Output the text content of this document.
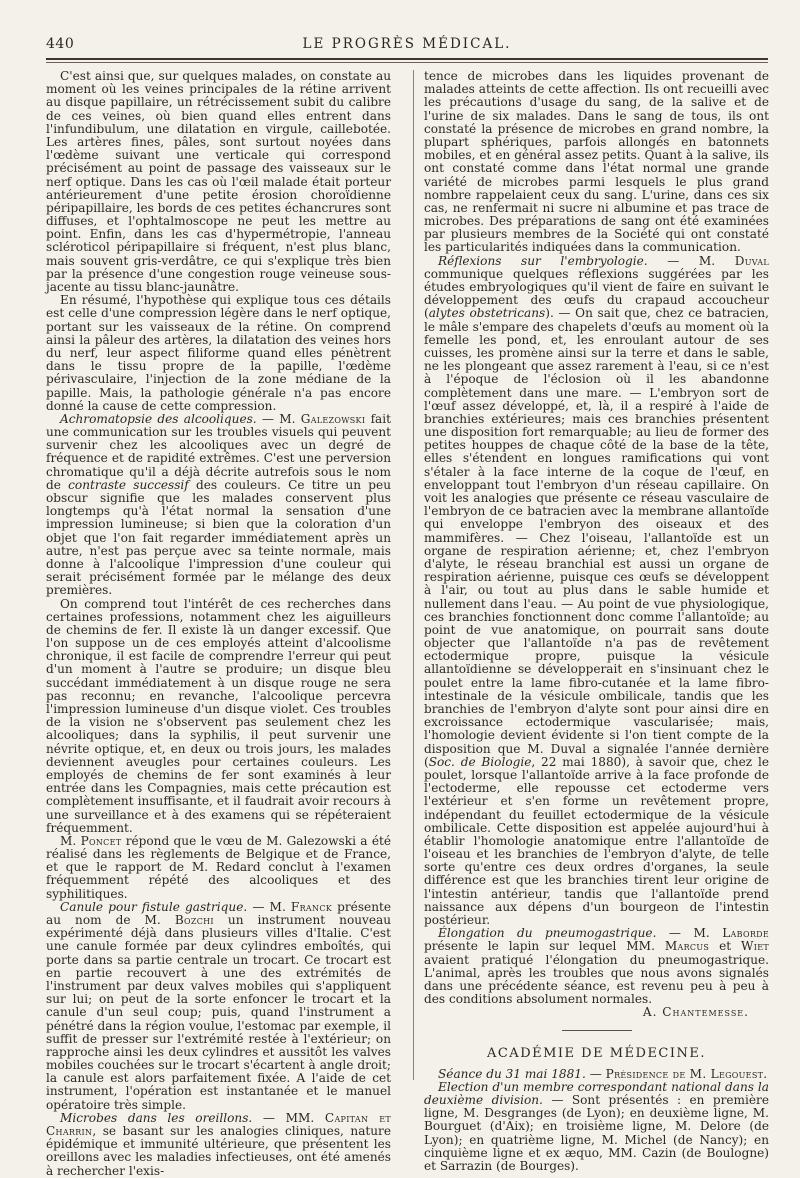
440	LE PROGRÈS MÉDICAL.

C'est ainsi que, sur quelques malades, on constate au moment où les veines principales de la rétine arrivent au disque papillaire, un rétrécissement subit du calibre de ces veines, où bien quand elles entrent dans l'infundibulum, une dilatation en virgule, caillebotée. Les artères fines, pâles, sont surtout noyées dans l'œdème suivant une verticale qui correspond précisément au point de passage des vaisseaux sur le nerf optique. Dans les cas où l'œil malade était porteur antérieurement d'une petite érosion choroïdienne péripapillaire, les bords de ces petites échancrures sont diffuses, et l'ophtalmoscope ne peut les mettre au point. Enfin, dans les cas d'hypermétropie, l'anneau scléroticol péripapillaire si fréquent, n'est plus blanc, mais souvent gris-verdâtre, ce qui s'explique très bien par la présence d'une congestion rouge veineuse sous-jacente au tissu blanc-jaunâtre.

En résumé, l'hypothèse qui explique tous ces détails est celle d'une compression légère dans le nerf optique, portant sur les vaisseaux de la rétine. On comprend ainsi la pâleur des artères, la dilatation des veines hors du nerf, leur aspect filiforme quand elles pénètrent dans le tissu propre de la papille, l'œdème périvasculaire, l'injection de la zone médiane de la papille. Mais, la pathologie générale n'a pas encore donné la cause de cette compression.

Achromatopsie des alcooliques. — M. Galezowski fait une communication sur les troubles visuels qui peuvent survenir chez les alcooliques avec un degré de fréquence et de rapidité extrêmes. C'est une perversion chromatique qu'il a déjà décrite autrefois sous le nom de contraste successif des couleurs. Ce titre un peu obscur signifie que les malades conservent plus longtemps qu'à l'état normal la sensation d'une impression lumineuse; si bien que la coloration d'un objet que l'on fait regarder immédiatement après un autre, n'est pas perçue avec sa teinte normale, mais donne à l'alcoolique l'impression d'une couleur qui serait précisément formée par le mélange des deux premières.

On comprend tout l'intérêt de ces recherches dans certaines professions, notamment chez les aiguilleurs de chemins de fer. Il existe là un danger excessif. Que l'on suppose un de ces employés atteint d'alcoolisme chronique, il est facile de comprendre l'erreur qui peut d'un moment à l'autre se produire; un disque bleu succédant immédiatement à un disque rouge ne sera pas reconnu; en revanche, l'alcoolique percevra l'impression lumineuse d'un disque violet. Ces troubles de la vision ne s'observent pas seulement chez les alcooliques; dans la syphilis, il peut survenir une névrite optique, et, en deux ou trois jours, les malades deviennent aveugles pour certaines couleurs. Les employés de chemins de fer sont examinés à leur entrée dans les Compagnies, mais cette précaution est complètement insuffisante, et il faudrait avoir recours à une surveillance et à des examens qui se répéteraient fréquemment.

M. Poncet répond que le vœu de M. Galezowski a été réalisé dans les règlements de Belgique et de France, et que le rapport de M. Redard conclut à l'examen fréquemment répété des alcooliques et des syphilitiques.

Canule pour fistule gastrique. — M. Franck présente au nom de M. Bozchi un instrument nouveau expérimenté déjà dans plusieurs villes d'Italie. C'est une canule formée par deux cylindres emboîtés, qui porte dans sa partie centrale un trocart. Ce trocart est en partie recouvert à une des extrémités de l'instrument par deux valves mobiles qui s'appliquent sur lui; on peut de la sorte enfoncer le trocart et la canule d'un seul coup; puis, quand l'instrument a pénétré dans la région voulue, l'estomac par exemple, il suffit de presser sur l'extrémité restée à l'extérieur; on rapproche ainsi les deux cylindres et aussitôt les valves mobiles couchées sur le trocart s'écartent à angle droit; la canule est alors parfaitement fixée. A l'aide de cet instrument, l'opération est instantanée et le manuel opératoire très simple.

Microbes dans les oreillons. — MM. Capitan et Charrin, se basant sur les analogies cliniques, nature épidémique et immunité ultérieure, que présentent les oreillons avec les maladies infectieuses, ont été amenés à rechercher l'exis-

tence de microbes dans les liquides provenant de malades atteints de cette affection. Ils ont recueilli avec les précautions d'usage du sang, de la salive et de l'urine de six malades. Dans le sang de tous, ils ont constaté la présence de microbes en grand nombre, la plupart sphériques, parfois allongés en batonnets mobiles, et en général assez petits. Quant à la salive, ils ont constaté comme dans l'état normal une grande variété de microbes parmi lesquels le plus grand nombre rappelaient ceux du sang. L'urine, dans ces six cas, ne renfermait ni sucre ni albumine et pas trace de microbes. Des préparations de sang ont été examinées par plusieurs membres de la Société qui ont constaté les particularités indiquées dans la communication.

Réflexions sur l'embryologie. — M. Duval communique quelques réflexions suggérées par les études embryologiques qu'il vient de faire en suivant le développement des œufs du crapaud accoucheur (alytes obstetricans). — On sait que, chez ce batracien, le mâle s'empare des chapelets d'œufs au moment où la femelle les pond, et, les enroulant autour de ses cuisses, les promène ainsi sur la terre et dans le sable, ne les plongeant que assez rarement à l'eau, si ce n'est à l'époque de l'éclosion où il les abandonne complètement dans une mare. — L'embryon sort de l'œuf assez développé, et, là, il a respiré à l'aide de branchies extérieures; mais ces branchies présentent une disposition fort remarquable; au lieu de former des petites houppes de chaque côté de la base de la tête, elles s'étendent en longues ramifications qui vont s'étaler à la face interne de la coque de l'œuf, en enveloppant tout l'embryon d'un réseau capillaire. On voit les analogies que présente ce réseau vasculaire de l'embryon de ce batracien avec la membrane allantoïde qui enveloppe l'embryon des oiseaux et des mammifères. — Chez l'oiseau, l'allantoïde est un organe de respiration aérienne; et, chez l'embryon d'alyte, le réseau branchial est aussi un organe de respiration aérienne, puisque ces œufs se développent à l'air, ou tout au plus dans le sable humide et nullement dans l'eau. — Au point de vue physiologique, ces branchies fonctionnent donc comme l'allantoïde; au point de vue anatomique, on pourrait sans doute objecter que l'allantoïde n'a pas de revêtement ectodermique propre, puisque la vésicule allantoïdienne se développerait en s'insinuant chez le poulet entre la lame fibro-cutanée et la lame fibro-intestinale de la vésicule ombilicale, tandis que les branchies de l'embryon d'alyte sont pour ainsi dire en excroissance ectodermique vascularisée; mais, l'homologie devient évidente si l'on tient compte de la disposition que M. Duval a signalée l'année dernière (Soc. de Biologie, 22 mai 1880), à savoir que, chez le poulet, lorsque l'allantoïde arrive à la face profonde de l'ectoderme, elle repousse cet ectoderme vers l'extérieur et s'en forme un revêtement propre, indépendant du feuillet ectodermique de la vésicule ombilicale. Cette disposition est appelée aujourd'hui à établir l'homologie anatomique entre l'allantoïde de l'oiseau et les branchies de l'embryon d'alyte, de telle sorte qu'entre ces deux ordres d'organes, la seule différence est que les branchies tirent leur origine de l'intestin antérieur, tandis que l'allantoïde prend naissance aux dépens d'un bourgeon de l'intestin postérieur.

Élongation du pneumogastrique. — M. Laborde présente le lapin sur lequel MM. Marcus et Wiet avaient pratiqué l'élongation du pneumogastrique. L'animal, après les troubles que nous avons signalés dans une précédente séance, est revenu peu à peu à des conditions absolument normales.

A. Chantemesse.
ACADÉMIE DE MÉDECINE.

Séance du 31 mai 1881. — Présidence de M. Legouest.

Election d'un membre correspondant national dans la deuxième division. — Sont présentés : en première ligne, M. Desgranges (de Lyon); en deuxième ligne, M. Bourguet (d'Aix); en troisième ligne, M. Delore (de Lyon); en quatrième ligne, M. Michel (de Nancy); en cinquième ligne et ex æquo, MM. Cazin (de Boulogne) et Sarrazin (de Bourges).
